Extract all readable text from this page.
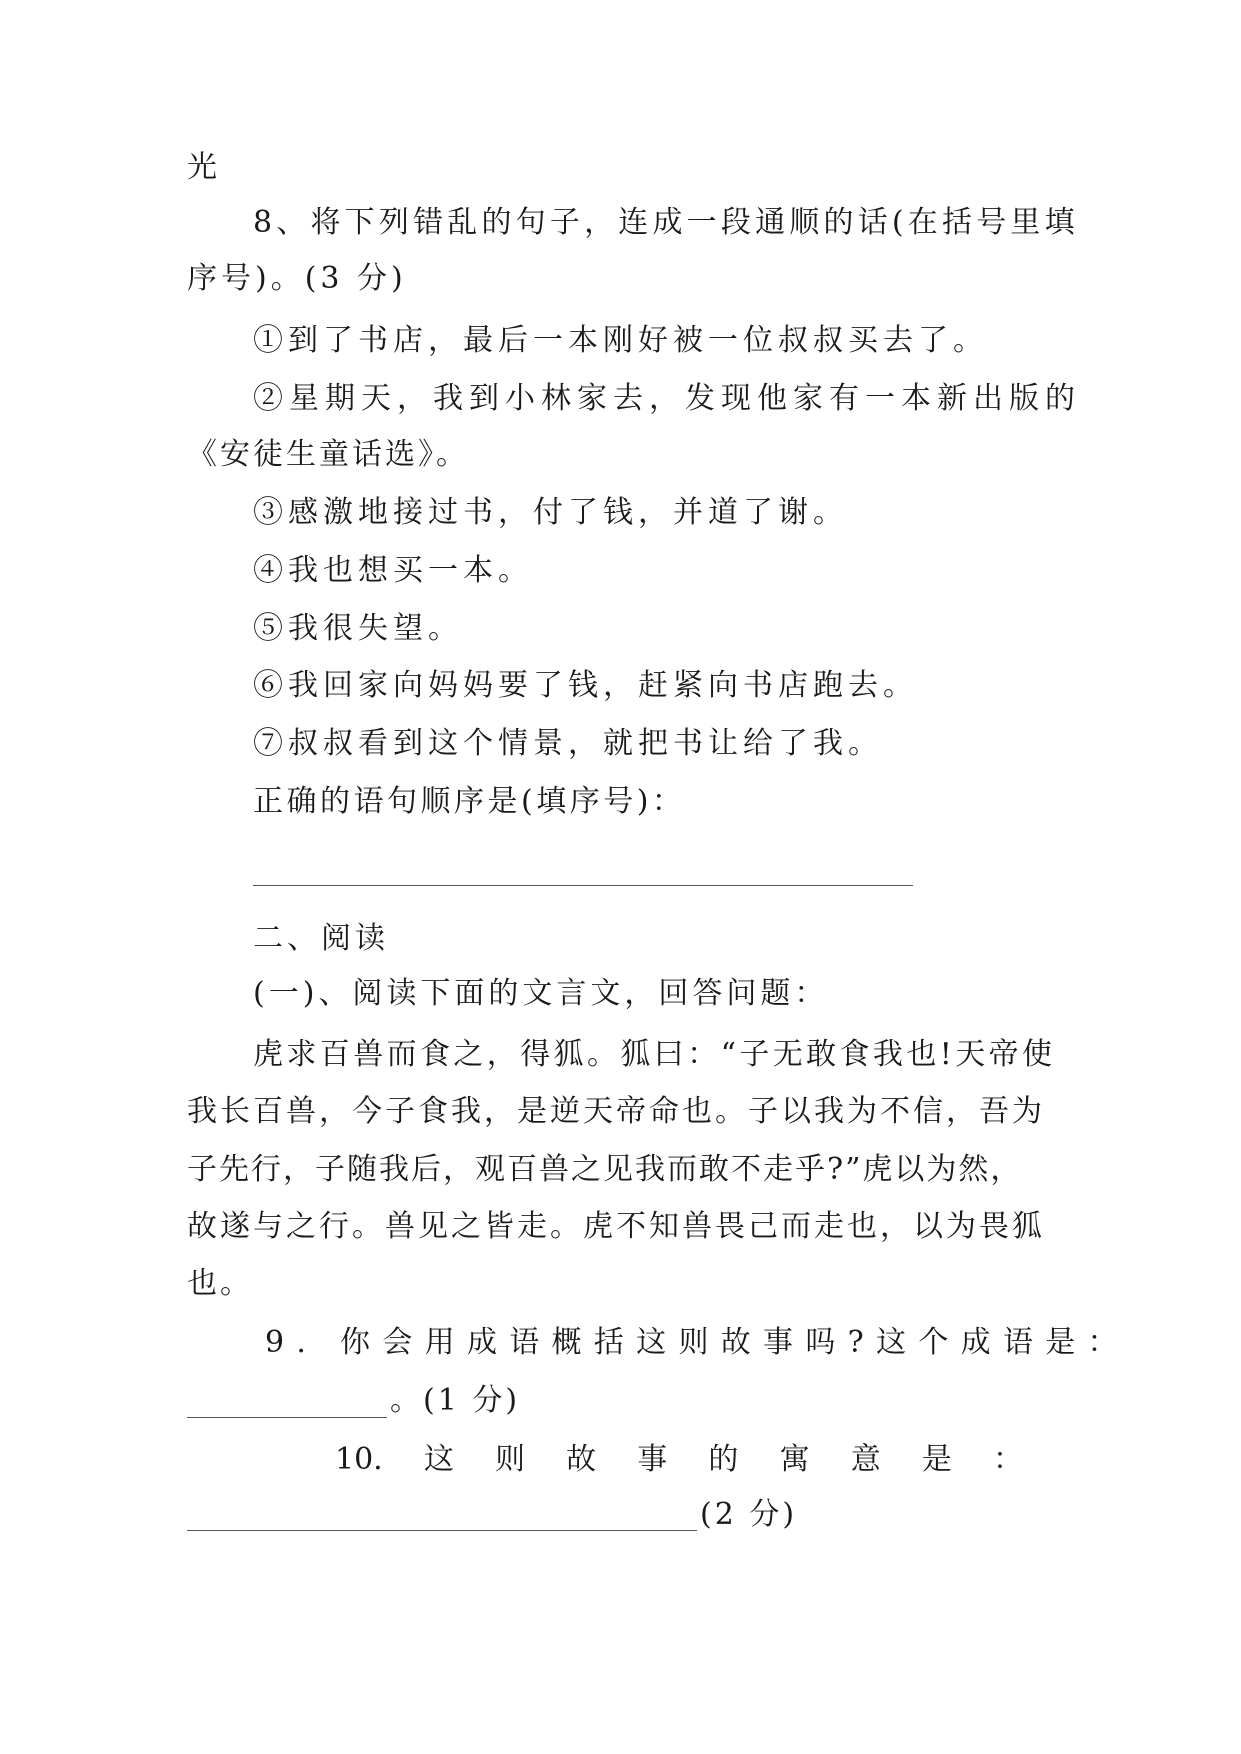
光
8、将下列错乱的句子，连成一段通顺的话(在括号里填
序号)。(3 分)
①到了书店，最后一本刚好被一位叔叔买去了。
②星期天，我到小林家去，发现他家有一本新出版的
《安徒生童话选》。
③感激地接过书，付了钱，并道了谢。
④我也想买一本。
⑤我很失望。
⑥我回家向妈妈要了钱，赶紧向书店跑去。
⑦叔叔看到这个情景，就把书让给了我。
正确的语句顺序是(填序号)：
二、阅读
(一)、阅读下面的文言文，回答问题：
虎求百兽而食之，得狐。狐曰：“子无敢食我也!天帝使
我长百兽，今子食我，是逆天帝命也。子以我为不信，吾为
子先行，子随我后，观百兽之见我而敢不走乎?”虎以为然，
故遂与之行。兽见之皆走。虎不知兽畏己而走也，以为畏狐
也。
9. 你会用成语概括这则故事吗?这个成语是：
。(1 分)
10. 这 则 故 事 的 寓 意 是 ：
(2 分)
